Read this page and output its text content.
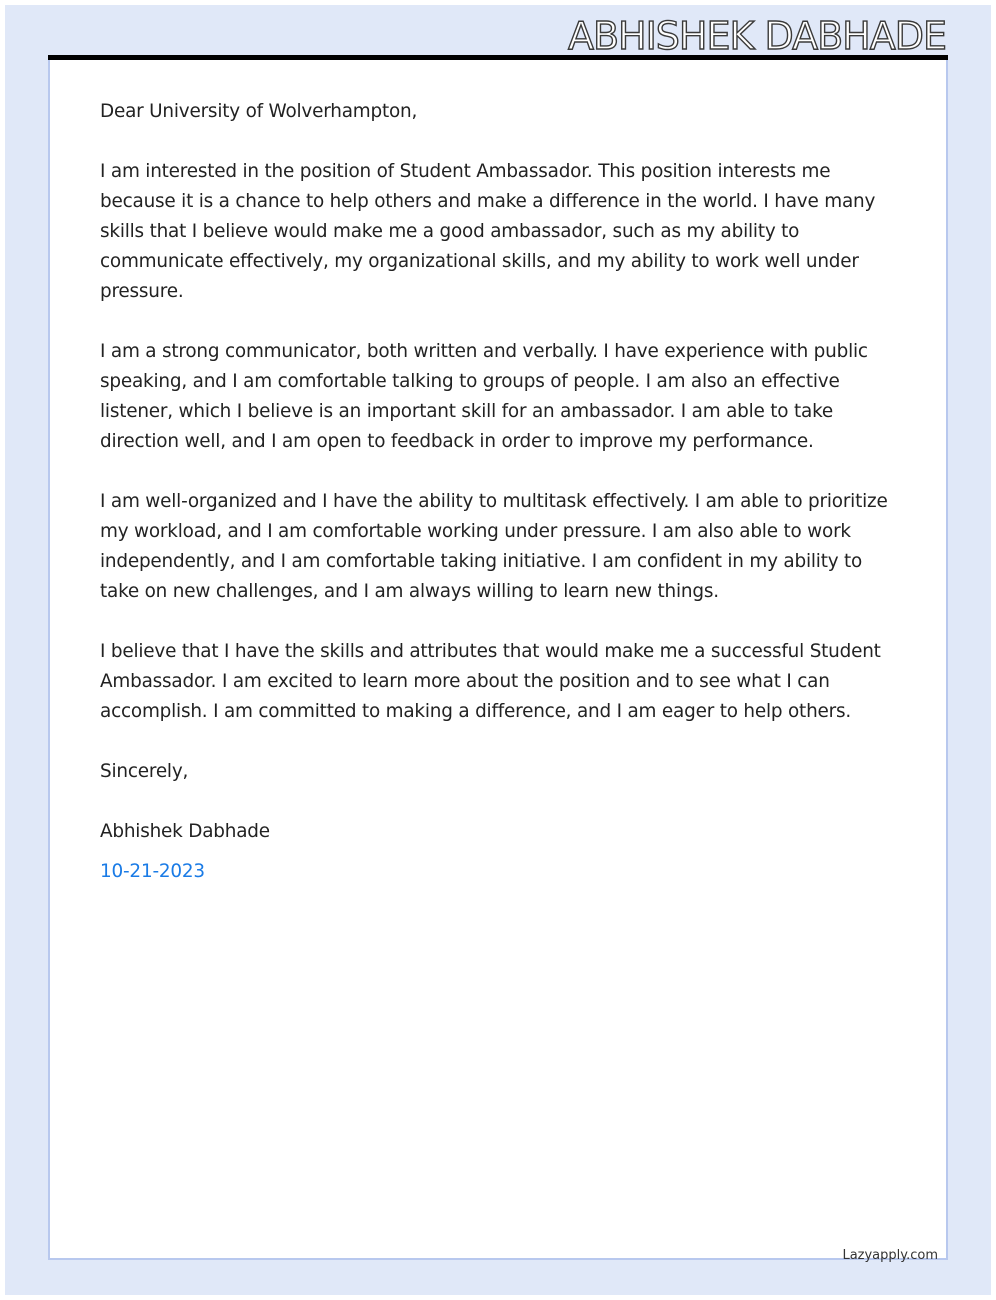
ABHISHEK DABHADE

Dear University of Wolverhampton,

I am interested in the position of Student Ambassador. This position interests me because it is a chance to help others and make a difference in the world. I have many skills that I believe would make me a good ambassador, such as my ability to communicate effectively, my organizational skills, and my ability to work well under pressure.

I am a strong communicator, both written and verbally. I have experience with public speaking, and I am comfortable talking to groups of people. I am also an effective listener, which I believe is an important skill for an ambassador. I am able to take direction well, and I am open to feedback in order to improve my performance.

I am well-organized and I have the ability to multitask effectively. I am able to prioritize my workload, and I am comfortable working under pressure. I am also able to work independently, and I am comfortable taking initiative. I am confident in my ability to take on new challenges, and I am always willing to learn new things.

I believe that I have the skills and attributes that would make me a successful Student Ambassador. I am excited to learn more about the position and to see what I can accomplish. I am committed to making a difference, and I am eager to help others.

Sincerely,

Abhishek Dabhade

10-21-2023

Lazyapply.com
